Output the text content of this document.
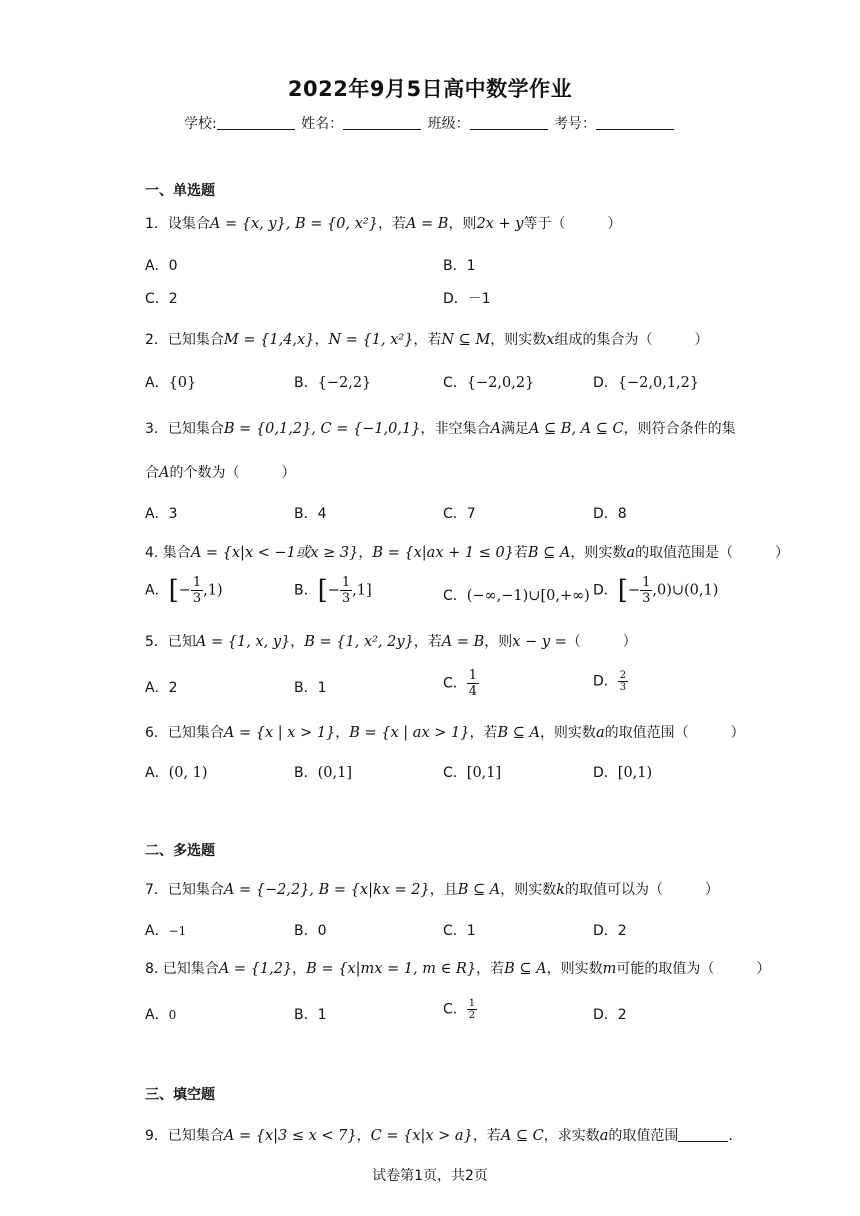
2022年9月5日高中数学作业
学校:	姓名：	班级：	考号：
一、单选题
1．设集合A = {x, y}, B = {0, x²}，若A = B，则2x + y等于（　　　）
A．0	B．1
C．2	D．－1
2．已知集合M = {1,4,x}，N = {1, x²}，若N ⊆ M，则实数x组成的集合为（　　　）
A．{0}	B．{−2,2}	C．{−2,0,2}	D．{−2,0,1,2}
3．已知集合B = {0,1,2}, C = {−1,0,1}，非空集合A满足A ⊆ B, A ⊆ C，则符合条件的集
合A的个数为（　　　）
A．3	B．4	C．7	D．8
4. 集合A = {x|x < −1或x ≥ 3}，B = {x|ax + 1 ≤ 0}若B ⊆ A，则实数a的取值范围是（　　　）
A．[− $\frac{1}{3} ,1$)	B．[− $\frac{1}{3} ,1$]	C．(−∞,−1)∪[0,+∞) D．[− $\frac{1}{3}$ ,0)∪(0,1)
5．已知A = {1, x, y}，B = {1, x², 2y}，若A = B，则x − y =（　　　）
A．2	B．1	C． $\frac{1}{4}$	D． $\frac{2}{3}$
6．已知集合A = {x | x > 1}，B = {x | ax > 1}，若B ⊆ A，则实数a的取值范围（　　　）
A．(0, 1)	B．(0,1]	C．[0,1]	D．[0,1)
二、多选题
7．已知集合A = {−2,2}, B = {x|kx = 2}，且B ⊆ A，则实数k的取值可以为（　　　）
A．−1	B．0	C．1	D．2
8. 已知集合A = {1,2}，B = {x|mx = 1, m ∈ R}，若B ⊆ A，则实数m可能的取值为（　　　）
A．0	B．1	C． $\frac{1}{2}$	D．2
三、填空题
9．已知集合A = {x|3 ≤ x < 7}，C = {x|x > a}，若A ⊆ C，求实数a的取值范围	.
试卷第1页，共2页
